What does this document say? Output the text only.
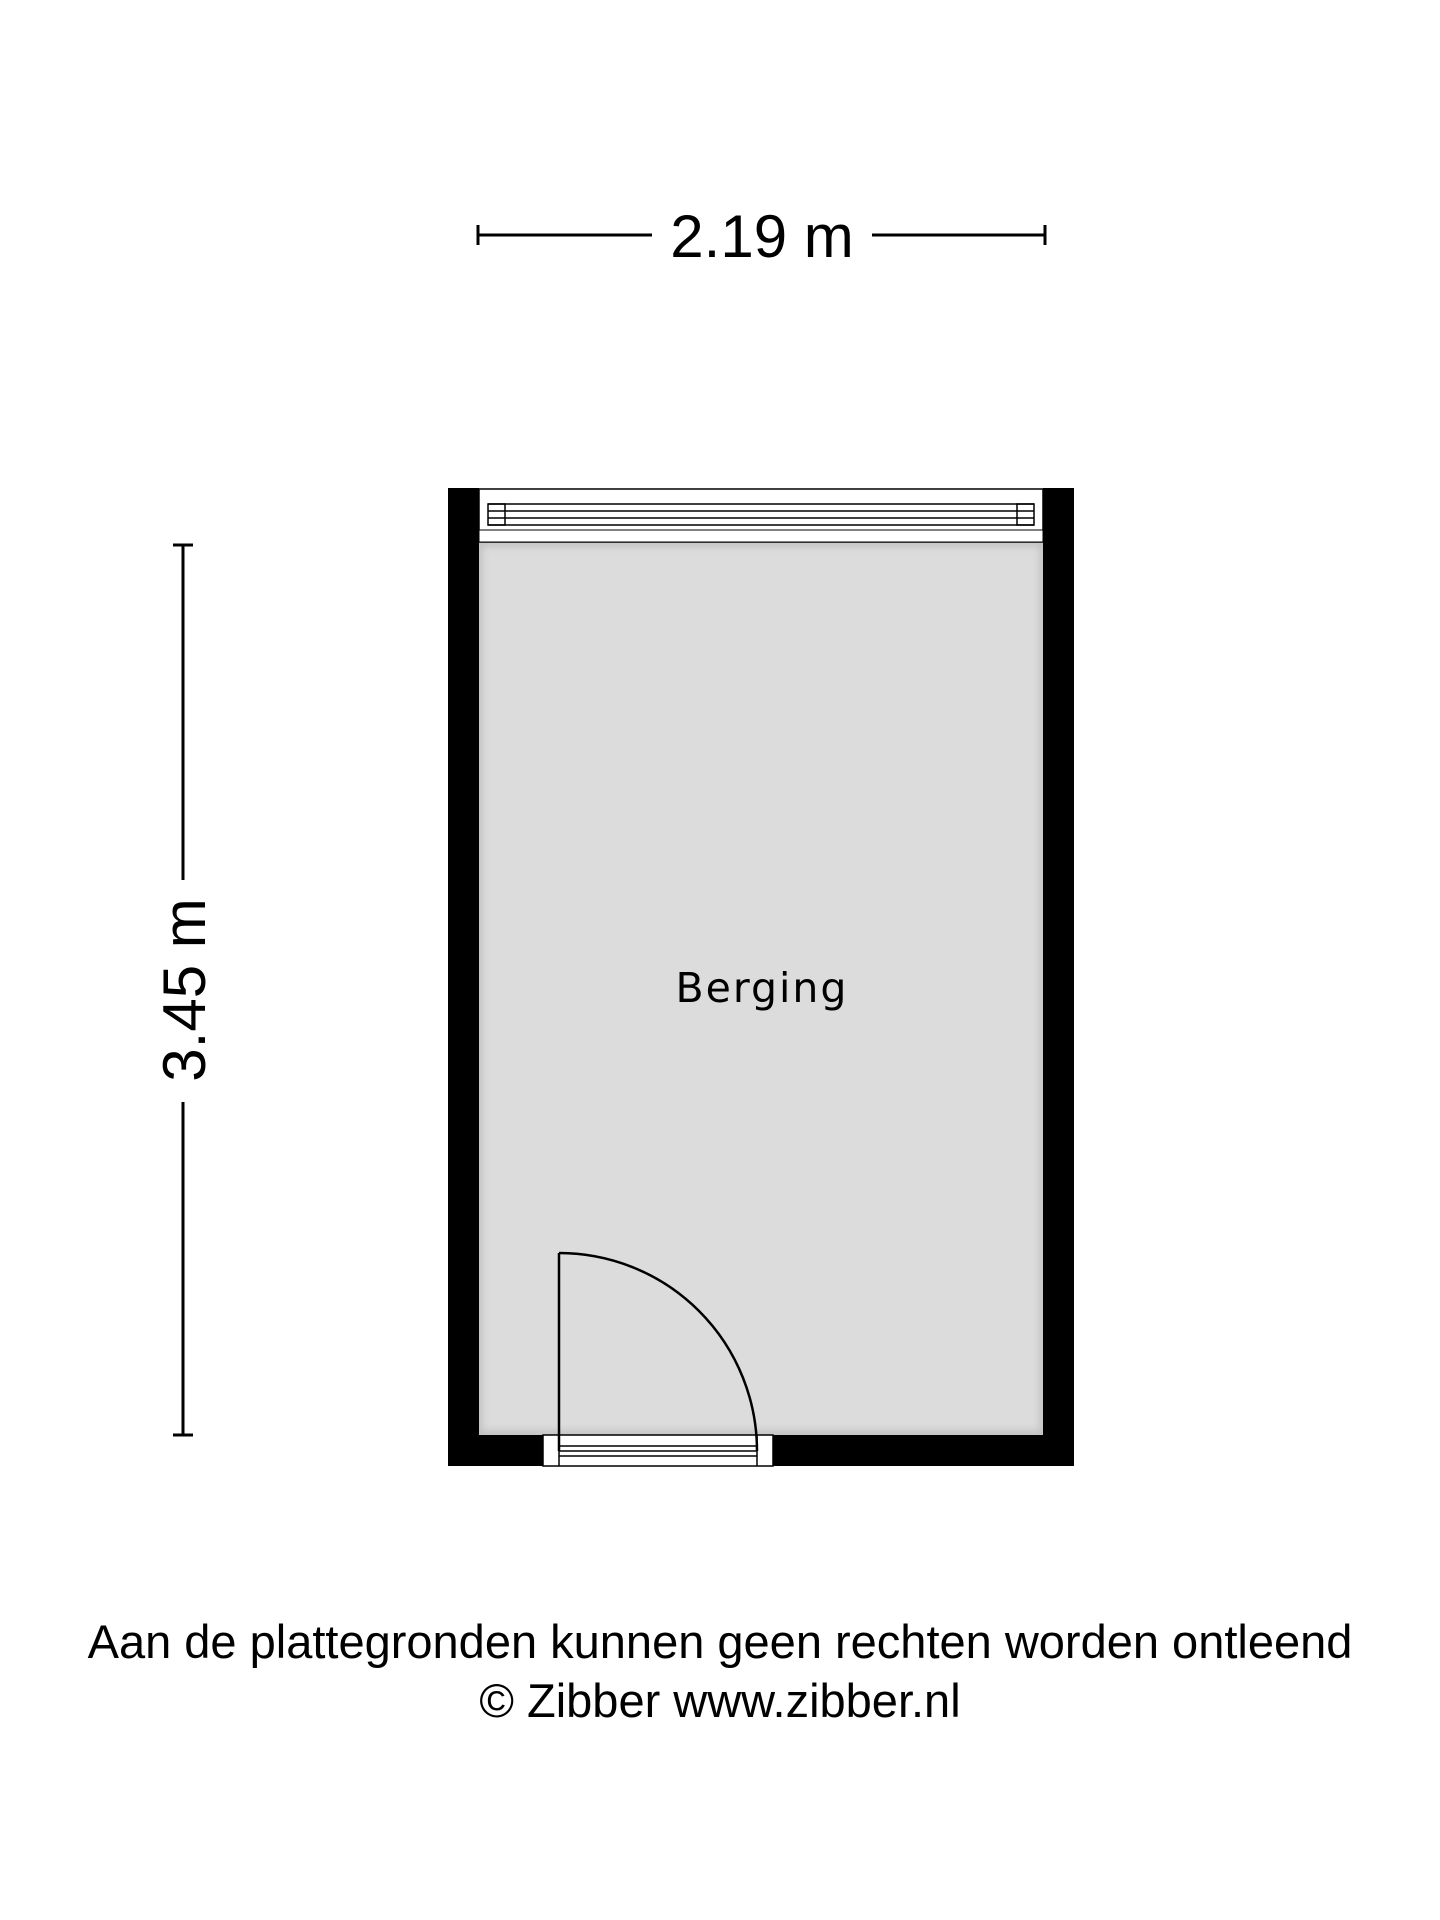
2.19 m
3.45 m	Berging
Aan de plattegronden kunnen geen rechten worden ontleend
© Zibber www.zibber.nl
